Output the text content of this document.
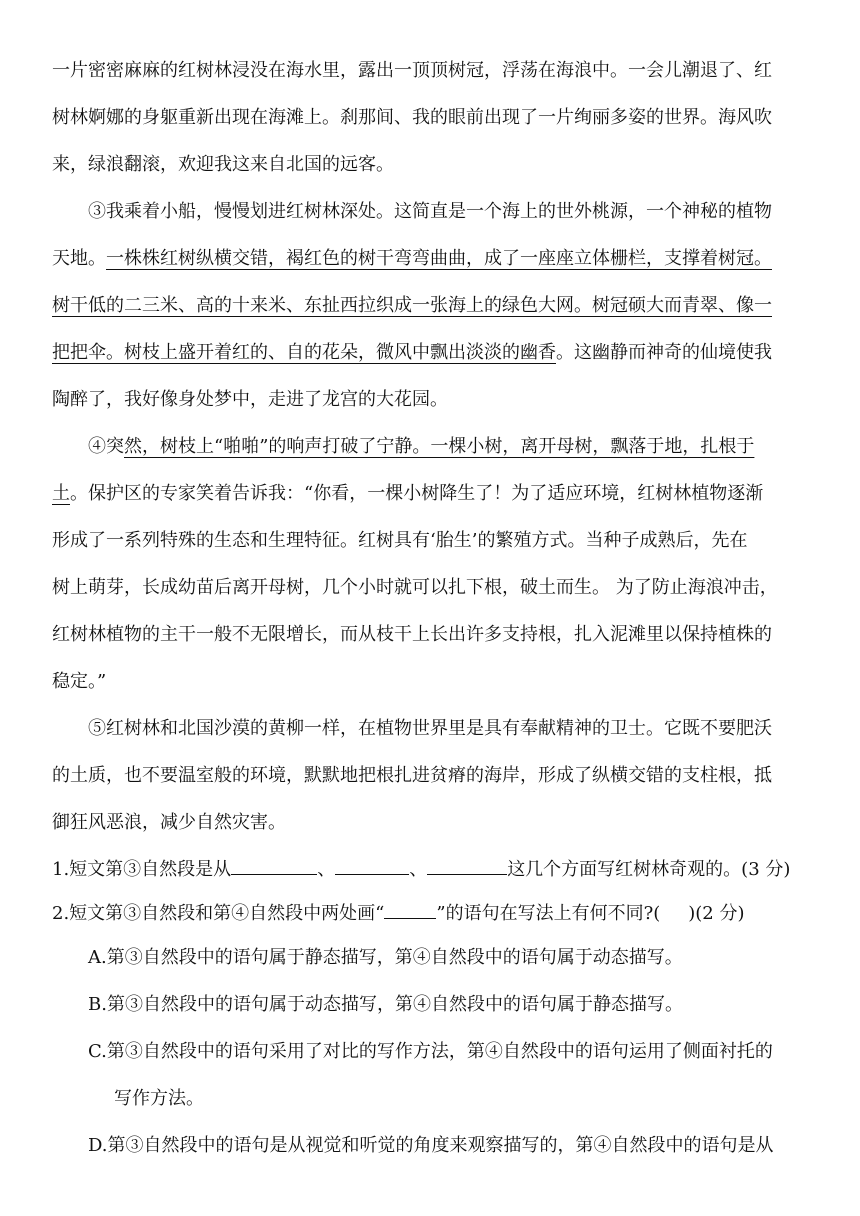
一片密密麻麻的红树林浸没在海水里，露出一顶顶树冠，浮荡在海浪中。一会儿潮退了、红
树林婀娜的身躯重新出现在海滩上。刹那间、我的眼前出现了一片绚丽多姿的世界。海风吹
来，绿浪翻滚，欢迎我这来自北国的远客。
③我乘着小船，慢慢划进红树林深处。这简直是一个海上的世外桃源，一个神秘的植物
天地。一株株红树纵横交错，褐红色的树干弯弯曲曲，成了一座座立体栅栏，支撑着树冠。
树干低的二三米、高的十来米、东扯西拉织成一张海上的绿色大网。树冠硕大而青翠、像一
把把伞。树枝上盛开着红的、自的花朵，微风中飘出淡淡的幽香。这幽静而神奇的仙境使我
陶醉了，我好像身处梦中，走进了龙宫的大花园。
④突然，树枝上“啪啪”的响声打破了宁静。一棵小树，离开母树，飘落于地，扎根于
土。保护区的专家笑着告诉我：“你看，一棵小树降生了！为了适应环境，红树林植物逐渐
形成了一系列特殊的生态和生理特征。红树具有‘胎生’的繁殖方式。当种子成熟后，先在
树上萌芽，长成幼苗后离开母树，几个小时就可以扎下根，破土而生。 为了防止海浪冲击，
红树林植物的主干一般不无限增长，而从枝干上长出许多支持根，扎入泥滩里以保持植株的
稳定。”
⑤红树林和北国沙漠的黄柳一样，在植物世界里是具有奉献精神的卫士。它既不要肥沃
的土质，也不要温室般的环境，默默地把根扎进贫瘠的海岸，形成了纵横交错的支柱根，抵
御狂风恶浪，减少自然灾害。
1.短文第③自然段是从	、	、	这几个方面写红树林奇观的。(3 分)
2.短文第③自然段和第④自然段中两处画“	”的语句在写法上有何不同?( )(2 分)
A.第③自然段中的语句属于静态描写，第④自然段中的语句属于动态描写。
B.第③自然段中的语句属于动态描写，第④自然段中的语句属于静态描写。
C.第③自然段中的语句采用了对比的写作方法，第④自然段中的语句运用了侧面衬托的
写作方法。
D.第③自然段中的语句是从视觉和听觉的角度来观察描写的，第④自然段中的语句是从
